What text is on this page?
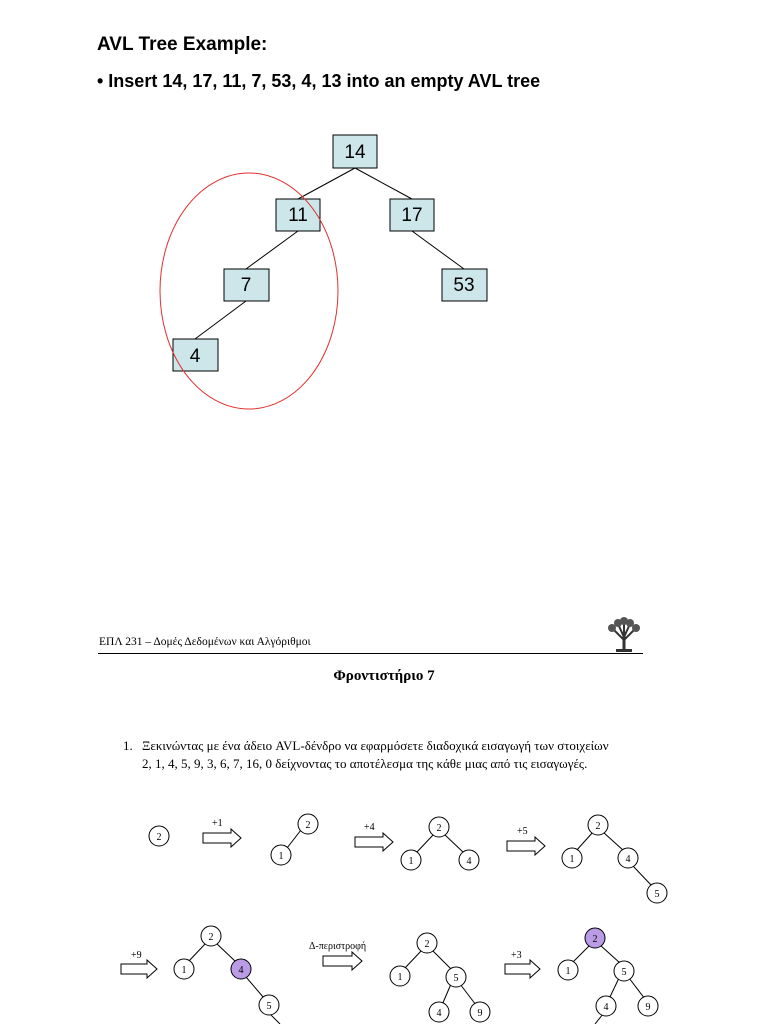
AVL Tree Example:

• Insert 14, 17, 11, 7, 53, 4, 13 into an empty AVL tree

14
11	17
7	53
4
2
+1	2
1
+4	2
1	4
+5	2
1	4
5
+9
2
1	4
5
Δ-περιστροφή	2
1	5
4	9
+3
2
1	5
4	9
ΕΠΛ 231 – Δομές Δεδομένων και Αλγόριθμοι
Φροντιστήριο 7
1. Ξεκινώντας με ένα άδειο AVL-δένδρο να εφαρμόσετε διαδοχικά εισαγωγή των στοιχείων
2, 1, 4, 5, 9, 3, 6, 7, 16, 0 δείχνοντας το αποτέλεσμα της κάθε μιας από τις εισαγωγές.
